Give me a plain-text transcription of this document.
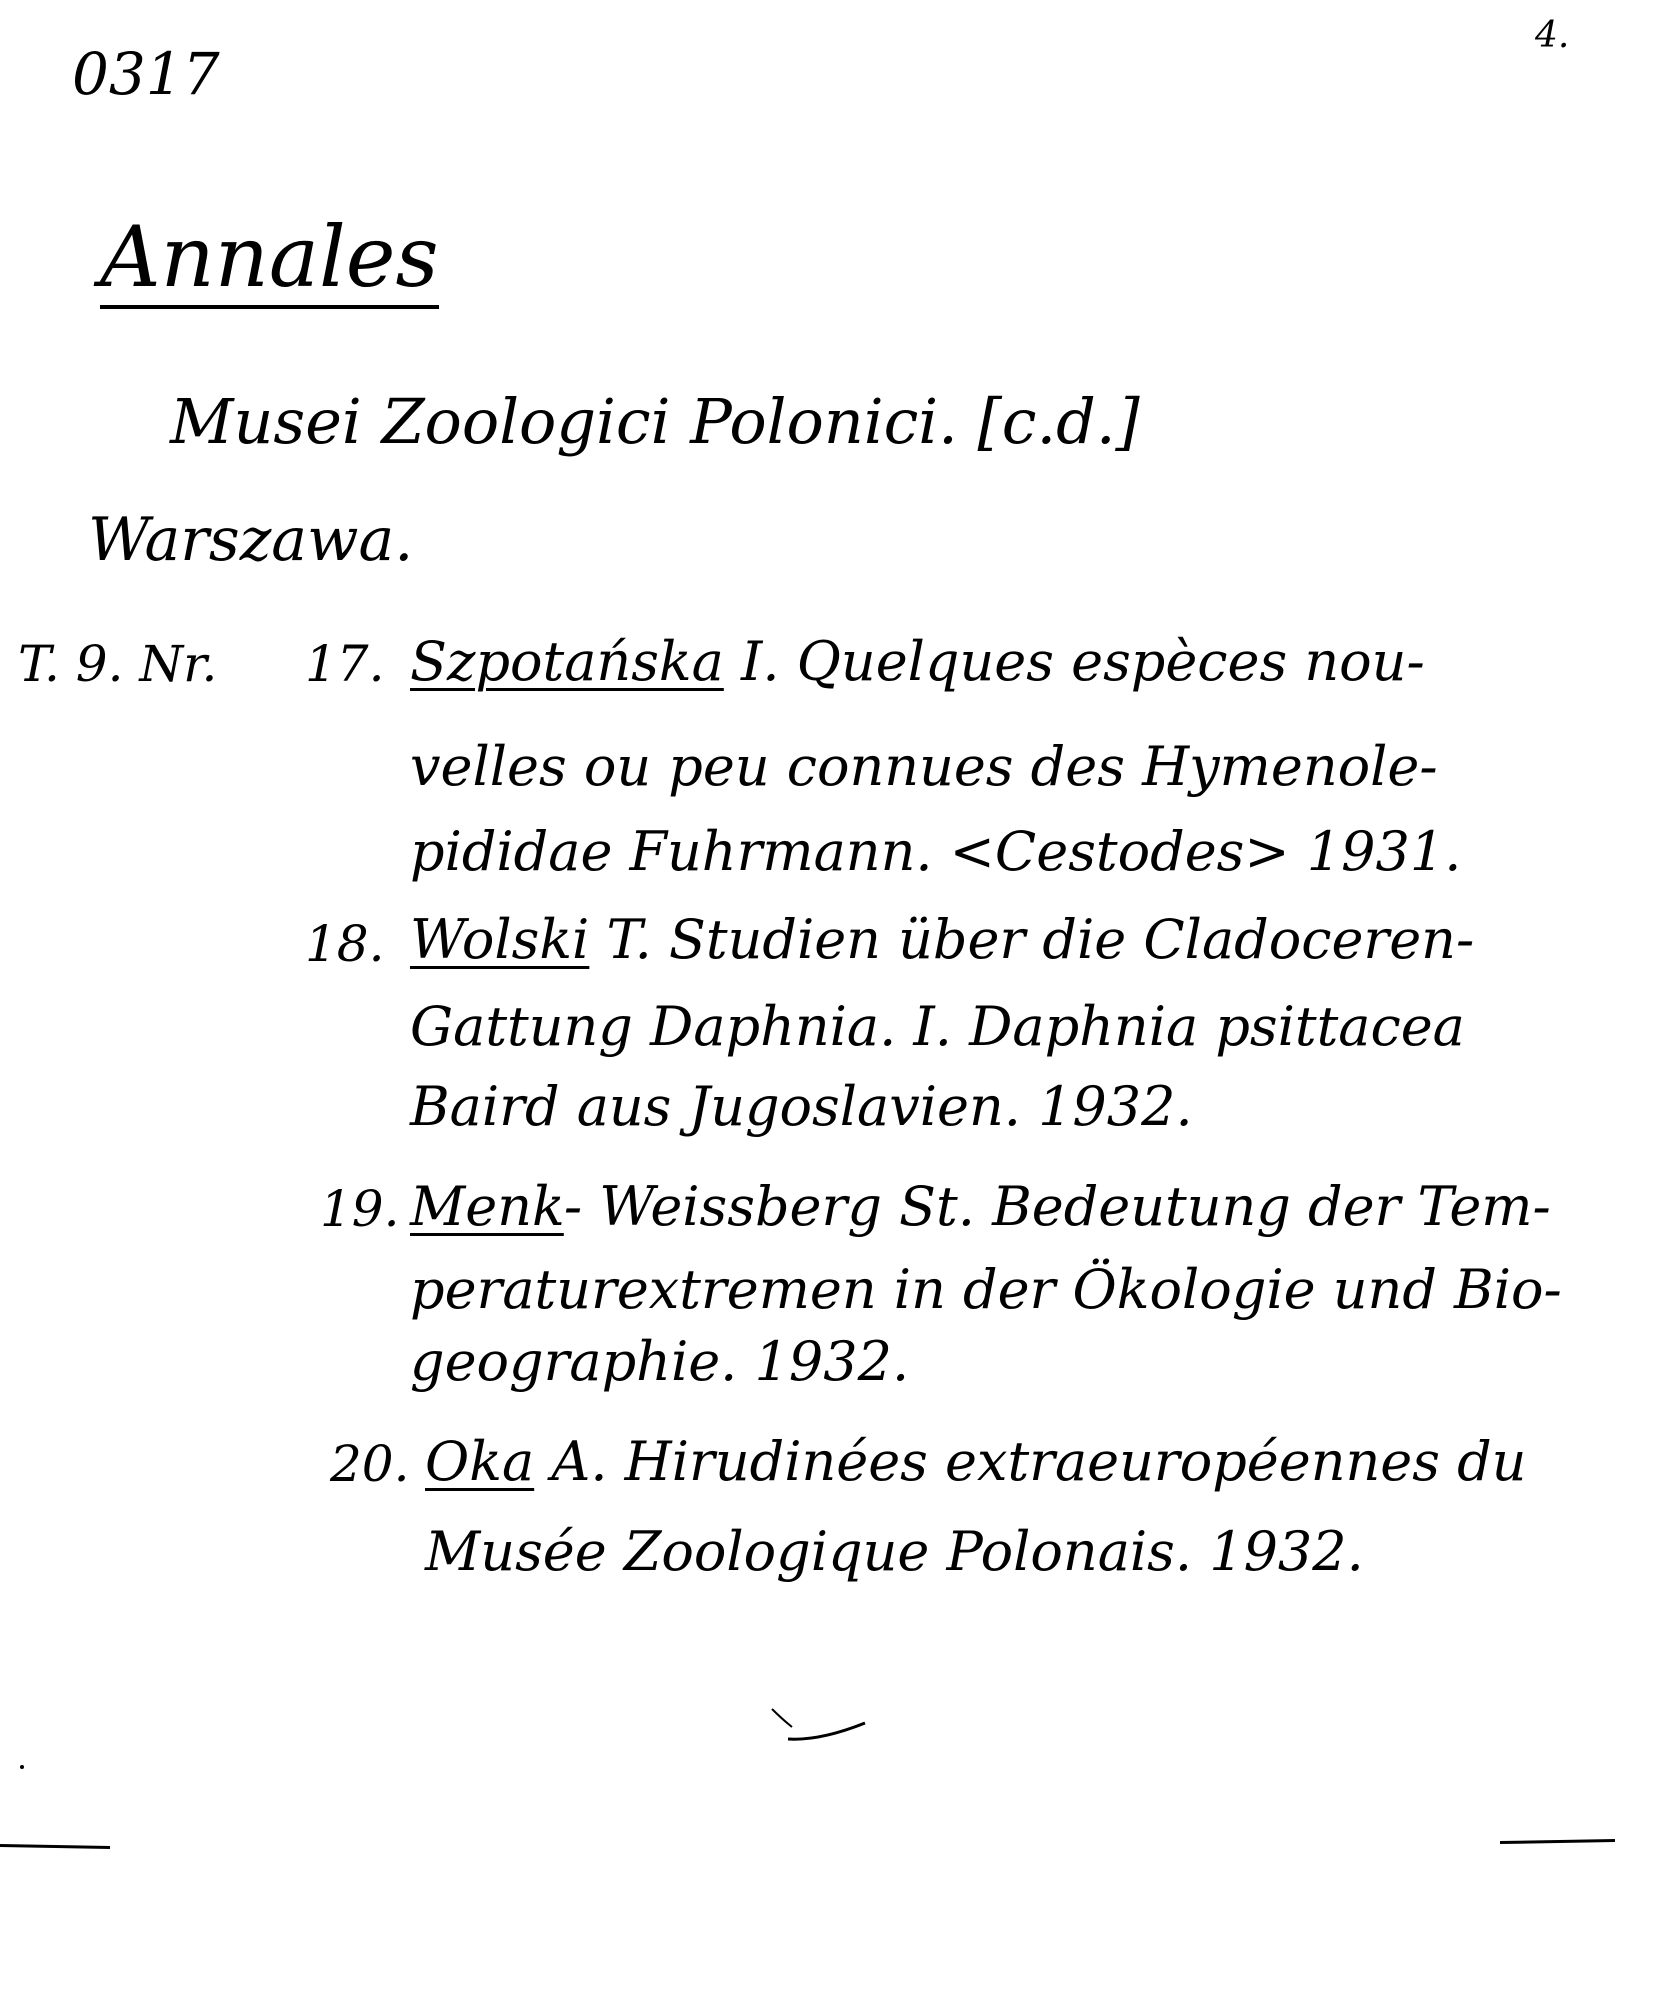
0317
4.
Annales
Musei Zoologici Polonici. [c.d.]
Warszawa.
T. 9. Nr. 17. Szpotańska I. Quelques espèces nou-
velles ou peu connues des Hymenole-
pididae Fuhrmann. <Cestodes> 1931.
18. Wolski T. Studien über die Cladoceren-
Gattung Daphnia. I. Daphnia psittacea
Baird aus Jugoslavien. 1932.
19. Menk- Weissberg St. Bedeutung der Tem-
peraturextremen in der Ökologie und Bio-
geographie. 1932.
20. Oka A. Hirudinées extraeuropéennes du
Musée Zoologique Polonais. 1932.
